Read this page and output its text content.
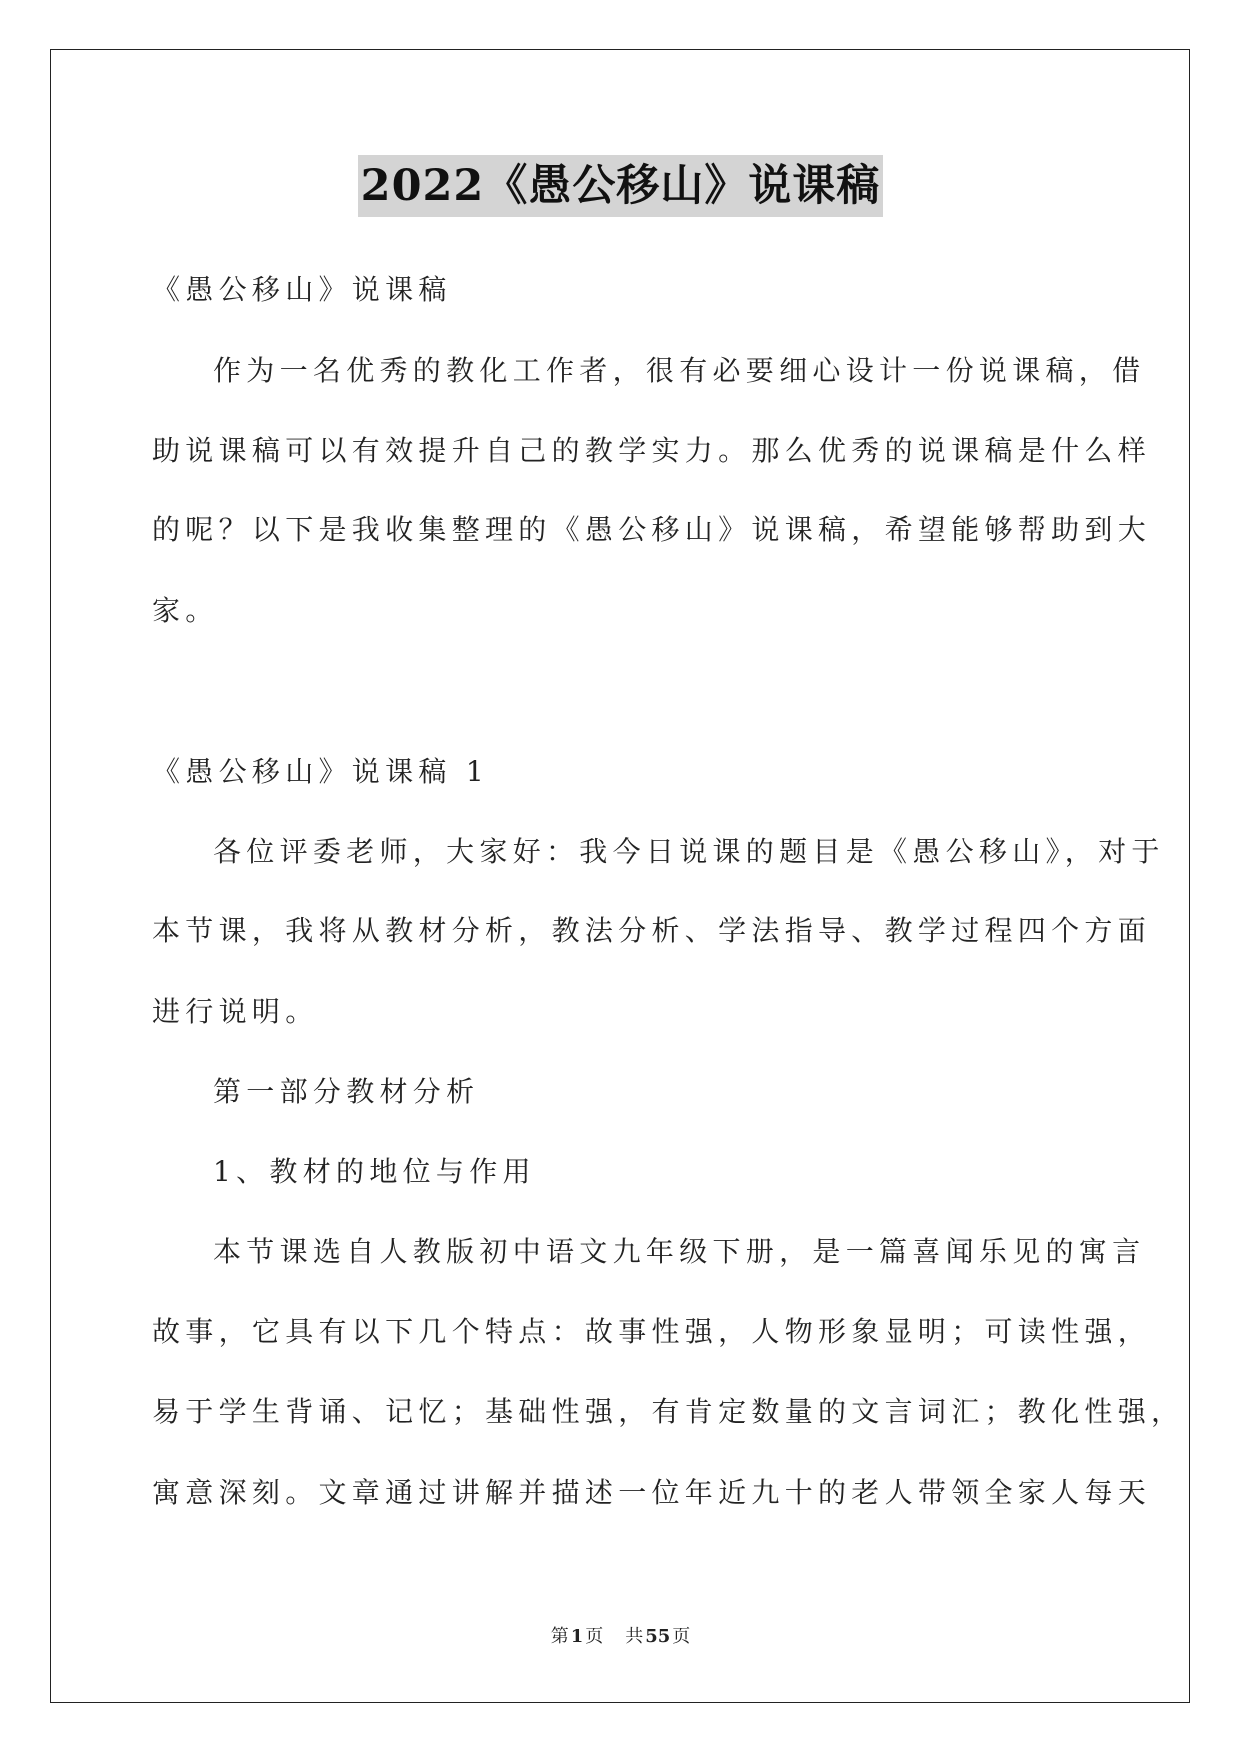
2022《愚公移山》说课稿
《愚公移山》说课稿
作为一名优秀的教化工作者，很有必要细心设计一份说课稿，借
助说课稿可以有效提升自己的教学实力。那么优秀的说课稿是什么样
的呢？以下是我收集整理的《愚公移山》说课稿，希望能够帮助到大
家。
《愚公移山》说课稿 1
各位评委老师，大家好：我今日说课的题目是《愚公移山》，对于
本节课，我将从教材分析，教法分析、学法指导、教学过程四个方面
进行说明。
第一部分教材分析
1、教材的地位与作用
本节课选自人教版初中语文九年级下册，是一篇喜闻乐见的寓言
故事，它具有以下几个特点：故事性强，人物形象显明；可读性强，
易于学生背诵、记忆；基础性强，有肯定数量的文言词汇；教化性强，
寓意深刻。文章通过讲解并描述一位年近九十的老人带领全家人每天
第 1 页 共 55 页
